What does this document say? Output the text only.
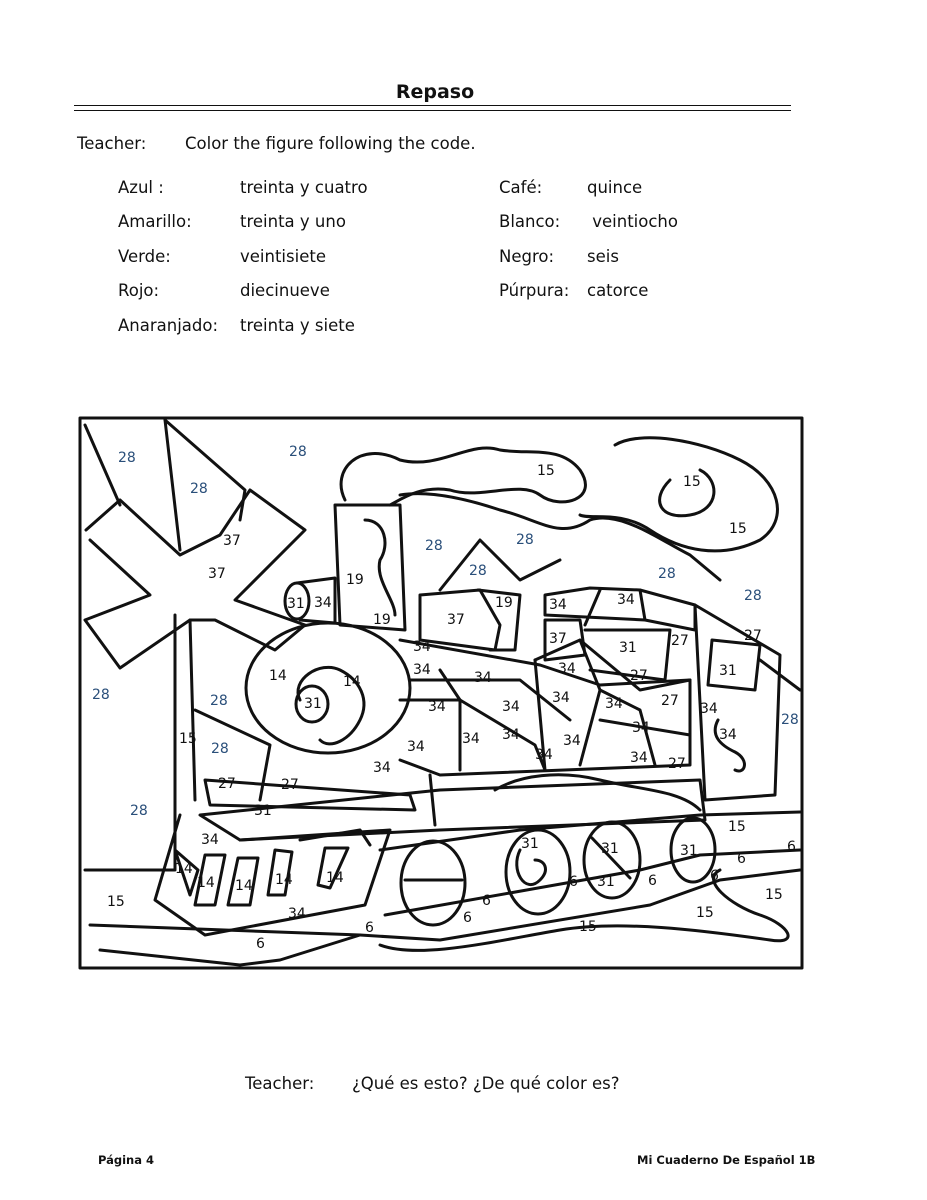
Repaso
Teacher: Color the figure following the code.
Azul :	treinta y cuatro
Amarillo:	treinta y uno
Verde:	veintisiete
Rojo:	diecinueve
Anaranjado: treinta y siete
Café:	quince
Blanco: veintiocho
Negro: seis
Púrpura: catorce
28	28
28
15
15
15
37
37	19
19
28	28
28	28
28
31 34
37
19	34	34
37
31 27	27
31
14	14
31
34
34	34
34
34	34
34
28	28
15
34
34
34 34	34
34	34
27
27
27
27	27
34
34
31
34
31
34
31	31	6
6
15
6
6
31
6
15
14
14 14 14 14
34
6
6
15
15
6
6
28
28
28
15
34
Teacher: ¿Qué es esto? ¿De qué color es?
Página 4	Mi Cuaderno De Español 1B
